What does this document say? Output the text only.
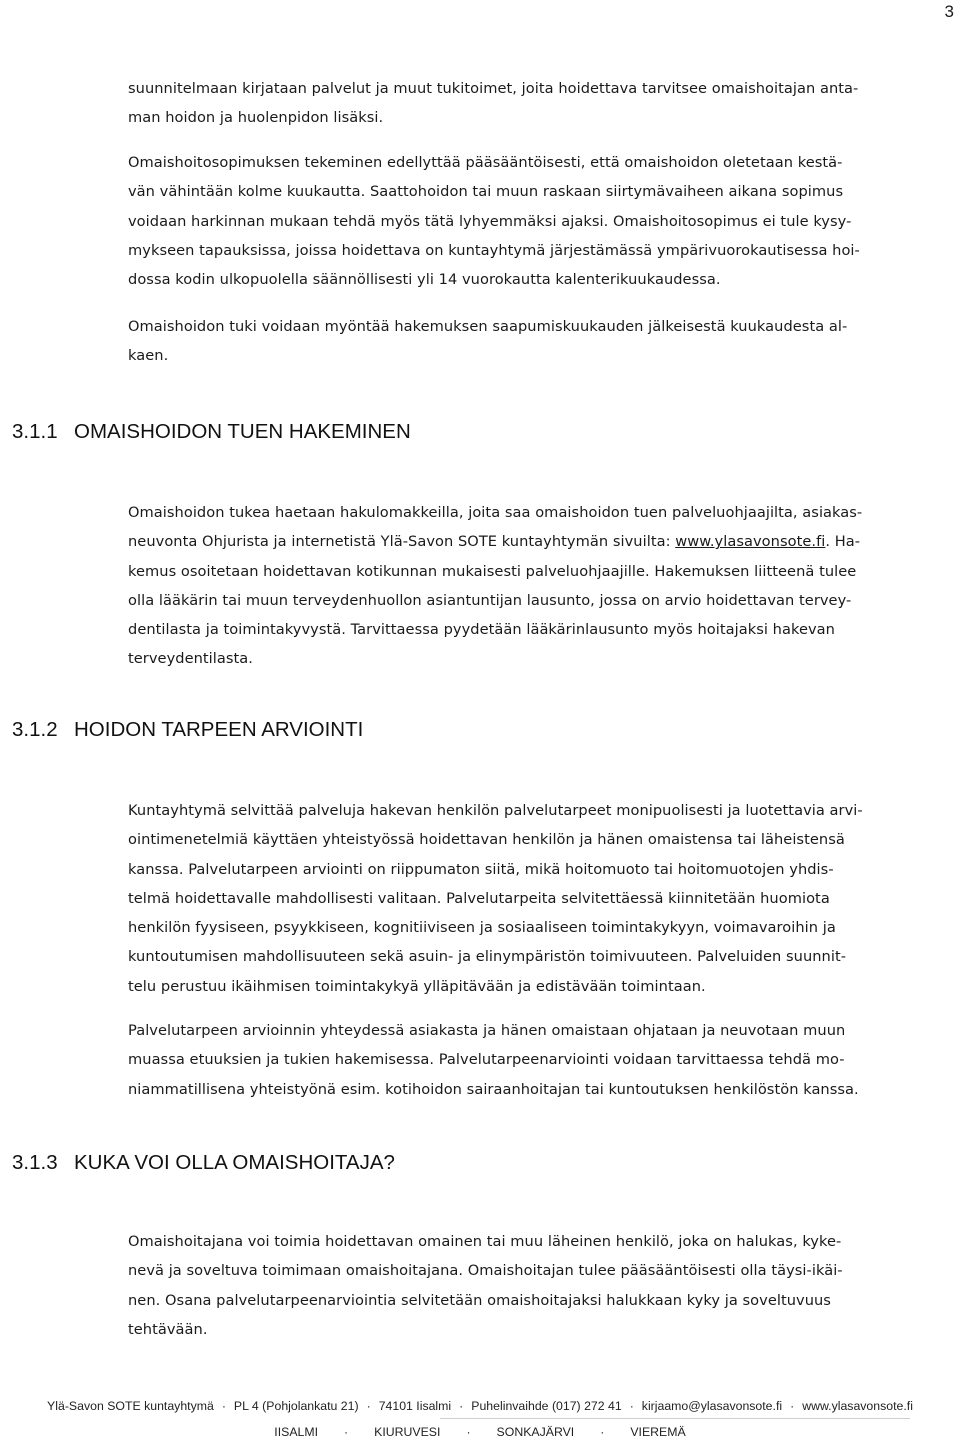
3

suunnitelmaan kirjataan palvelut ja muut tukitoimet, joita hoidettava tarvitsee omaishoitajan anta-
man hoidon ja huolenpidon lisäksi.

Omaishoitosopimuksen tekeminen edellyttää pääsääntöisesti, että omaishoidon oletetaan kestä-
vän vähintään kolme kuukautta. Saattohoidon tai muun raskaan siirtymävaiheen aikana sopimus
voidaan harkinnan mukaan tehdä myös tätä lyhyemmäksi ajaksi. Omaishoitosopimus ei tule kysy-
mykseen tapauksissa, joissa hoidettava on kuntayhtymä järjestämässä ympärivuorokautisessa hoi-
dossa kodin ulkopuolella säännöllisesti yli 14 vuorokautta kalenterikuukaudessa.

Omaishoidon tuki voidaan myöntää hakemuksen saapumiskuukauden jälkeisestä kuukaudesta al-
kaen.

3.1.1 OMAISHOIDON TUEN HAKEMINEN

Omaishoidon tukea haetaan hakulomakkeilla, joita saa omaishoidon tuen palveluohjaajilta, asiakas-
neuvonta Ohjurista ja internetistä Ylä-Savon SOTE kuntayhtymän sivuilta: www.ylasavonsote.fi. Ha-
kemus osoitetaan hoidettavan kotikunnan mukaisesti palveluohjaajille. Hakemuksen liitteenä tulee
olla lääkärin tai muun terveydenhuollon asiantuntijan lausunto, jossa on arvio hoidettavan tervey-
dentilasta ja toimintakyvystä. Tarvittaessa pyydetään lääkärinlausunto myös hoitajaksi hakevan
terveydentilasta.

3.1.2 HOIDON TARPEEN ARVIOINTI

Kuntayhtymä selvittää palveluja hakevan henkilön palvelutarpeet monipuolisesti ja luotettavia arvi-
ointimenetelmiä käyttäen yhteistyössä hoidettavan henkilön ja hänen omaistensa tai läheistensä
kanssa. Palvelutarpeen arviointi on riippumaton siitä, mikä hoitomuoto tai hoitomuotojen yhdis-
telmä hoidettavalle mahdollisesti valitaan. Palvelutarpeita selvitettäessä kiinnitetään huomiota
henkilön fyysiseen, psyykkiseen, kognitiiviseen ja sosiaaliseen toimintakykyyn, voimavaroihin ja
kuntoutumisen mahdollisuuteen sekä asuin- ja elinympäristön toimivuuteen. Palveluiden suunnit-
telu perustuu ikäihmisen toimintakykyä ylläpitävään ja edistävään toimintaan.

Palvelutarpeen arvioinnin yhteydessä asiakasta ja hänen omaistaan ohjataan ja neuvotaan muun
muassa etuuksien ja tukien hakemisessa. Palvelutarpeenarviointi voidaan tarvittaessa tehdä mo-
niammatillisena yhteistyönä esim. kotihoidon sairaanhoitajan tai kuntoutuksen henkilöstön kanssa.

3.1.3 KUKA VOI OLLA OMAISHOITAJA?

Omaishoitajana voi toimia hoidettavan omainen tai muu läheinen henkilö, joka on halukas, kyke-
nevä ja soveltuva toimimaan omaishoitajana. Omaishoitajan tulee pääsääntöisesti olla täysi-ikäi-
nen. Osana palvelutarpeenarviointia selvitetään omaishoitajaksi halukkaan kyky ja soveltuvuus
tehtävään.

Ylä-Savon SOTE kuntayhtymä · PL 4 (Pohjolankatu 21) · 74101 Iisalmi · Puhelinvaihde (017) 272 41 · kirjaamo@ylasavonsote.fi · www.ylasavonsote.fi
IISALMI · KIURUVESI · SONKAJÄRVI · VIEREMÄ
